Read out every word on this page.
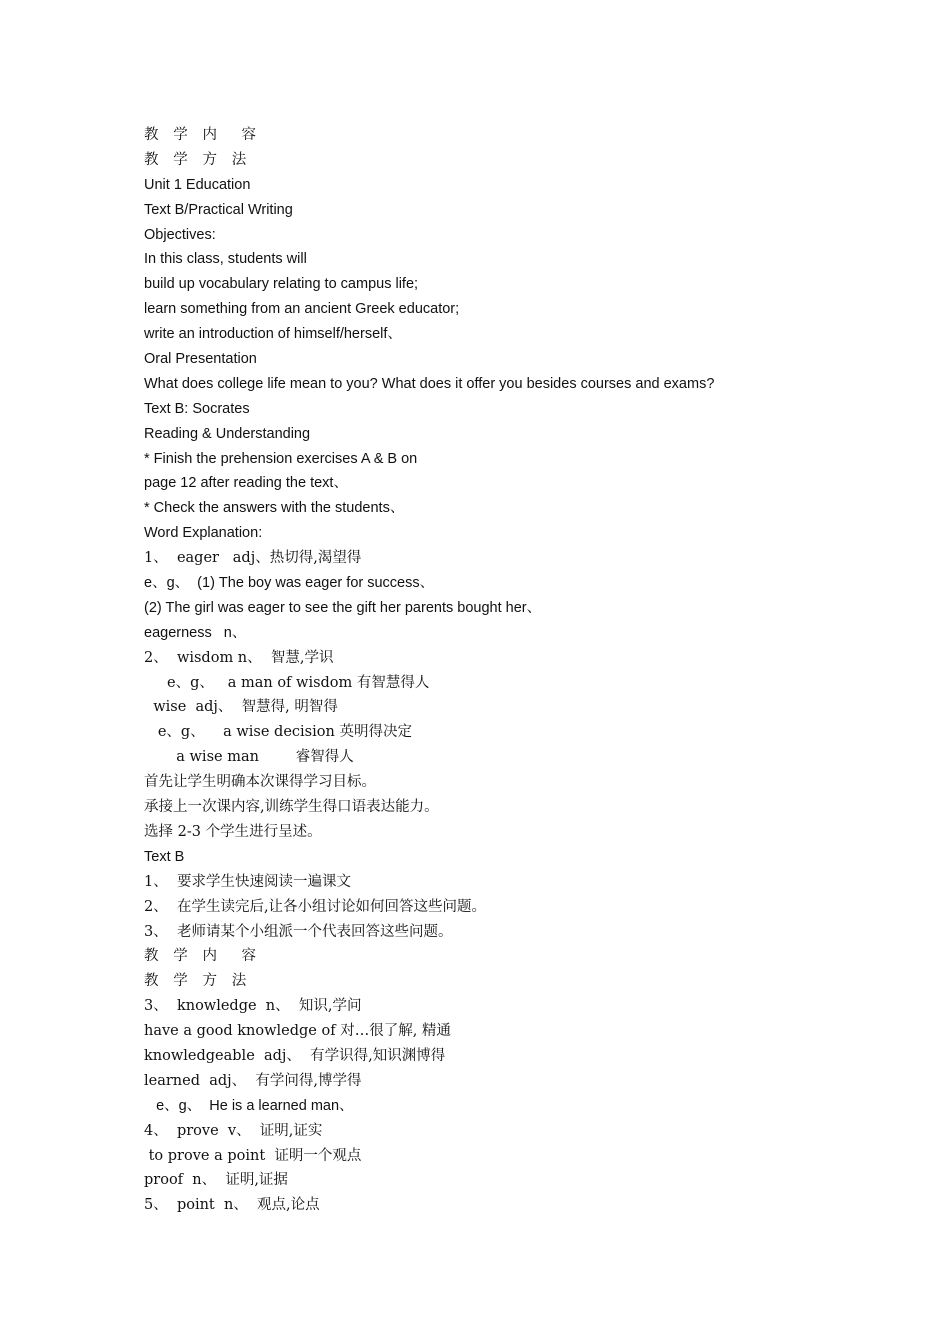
教 学 内  容
教 学 方 法
Unit 1 Education
Text B/Practical Writing
Objectives:
In this class, students will
build up vocabulary relating to campus life;
learn something from an ancient Greek educator;
write an introduction of himself/herself、
Oral Presentation
What does college life mean to you? What does it offer you besides courses and exams?
Text B: Socrates
Reading & Understanding
* Finish the prehension exercises A & B on
page 12 after reading the text、
* Check the answers with the students、
Word Explanation:
1、  eager   adj、热切得,渴望得
e、g、  (1) The boy was eager for success、
(2) The girl was eager to see the gift her parents bought her、
eagerness   n、
2、  wisdom n、  智慧,学识
e、g、   a man of wisdom 有智慧得人
wise  adj、  智慧得, 明智得
e、g、    a wise decision 英明得决定
a wise man        睿智得人
首先让学生明确本次课得学习目标。
承接上一次课内容,训练学生得口语表达能力。
选择 2-3 个学生进行呈述。
Text B
1、  要求学生快速阅读一遍课文
2、  在学生读完后,让各小组讨论如何回答这些问题。
3、  老师请某个小组派一个代表回答这些问题。
教 学 内  容
教 学 方 法
3、  knowledge  n、  知识,学问
have a good knowledge of 对…很了解, 精通
knowledgeable  adj、  有学识得,知识渊博得
learned  adj、  有学问得,博学得
e、g、  He is a learned man、
4、  prove  v、  证明,证实
to prove a point  证明一个观点
proof  n、  证明,证据
5、  point  n、  观点,论点
